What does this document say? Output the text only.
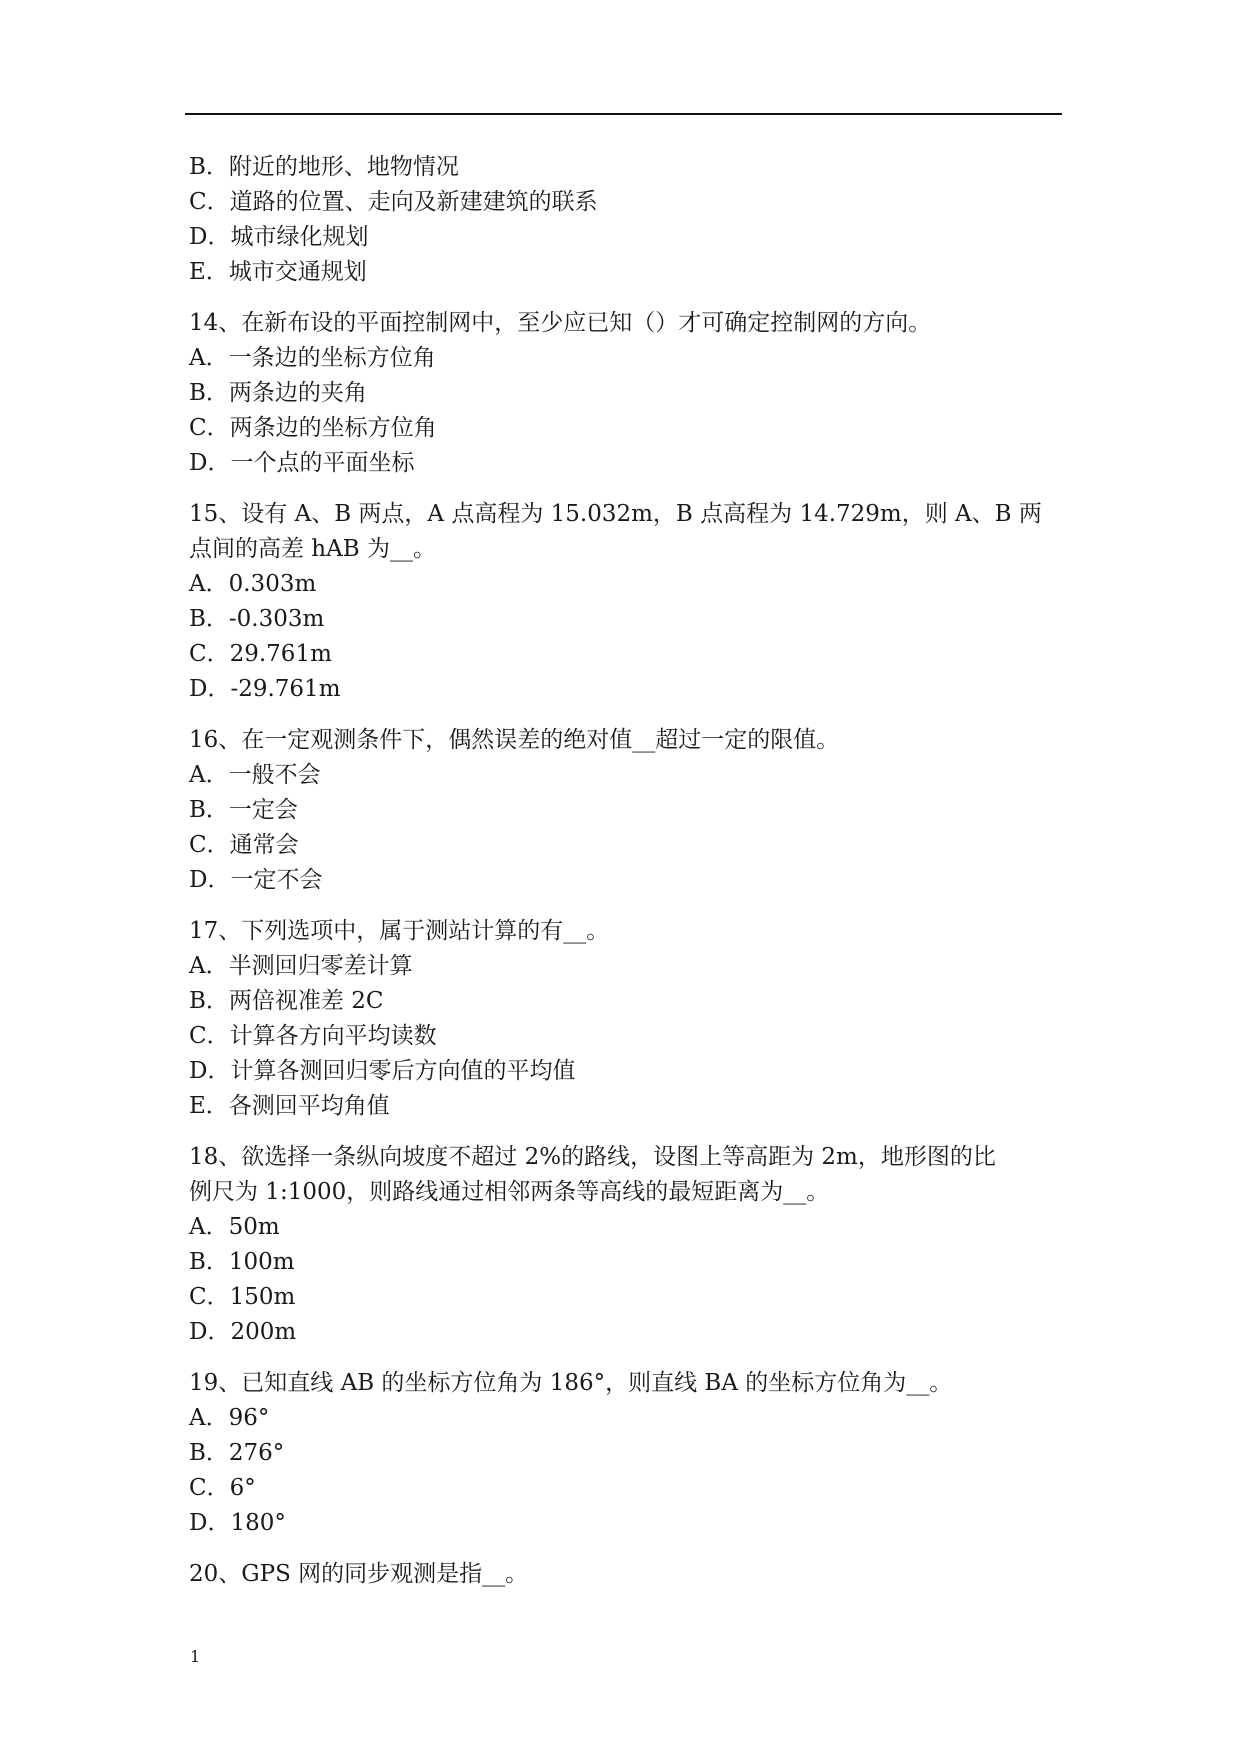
B．附近的地形、地物情况
C．道路的位置、走向及新建建筑的联系
D．城市绿化规划
E．城市交通规划
14、在新布设的平面控制网中，至少应已知（）才可确定控制网的方向。
A．一条边的坐标方位角
B．两条边的夹角
C．两条边的坐标方位角
D．一个点的平面坐标
15、设有 A、B 两点，A 点高程为 15.032m，B 点高程为 14.729m，则 A、B 两
点间的高差 hAB 为__。
A．0.303m
B．-0.303m
C．29.761m
D．-29.761m
16、在一定观测条件下，偶然误差的绝对值__超过一定的限值。
A．一般不会
B．一定会
C．通常会
D．一定不会
17、下列选项中，属于测站计算的有__。
A．半测回归零差计算
B．两倍视准差 2C
C．计算各方向平均读数
D．计算各测回归零后方向值的平均值
E．各测回平均角值
18、欲选择一条纵向坡度不超过 2%的路线，设图上等高距为 2m，地形图的比
例尺为 1:1000，则路线通过相邻两条等高线的最短距离为__。
A．50m
B．100m
C．150m
D．200m
19、已知直线 AB 的坐标方位角为 186°，则直线 BA 的坐标方位角为__。
A．96°
B．276°
C．6°
D．180°
20、GPS 网的同步观测是指__。
1
